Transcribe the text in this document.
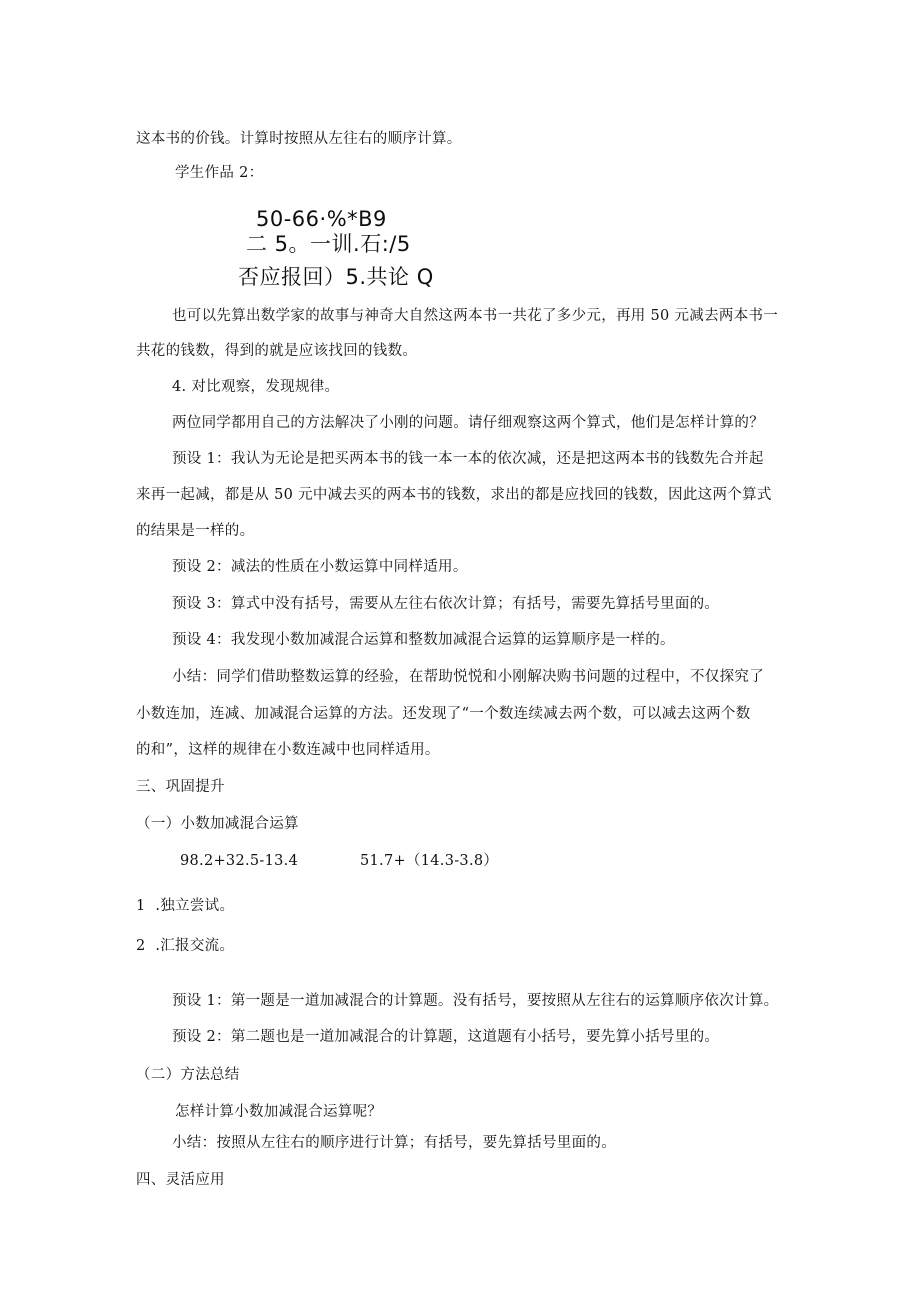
这本书的价钱。计算时按照从左往右的顺序计算。
学生作品 2：
50-66·%*B9
二 5。一训.石:/5
否应报回）5.共论 Q
也可以先算出数学家的故事与神奇大自然这两本书一共花了多少元，再用 50 元减去两本书一
共花的钱数，得到的就是应该找回的钱数。
4. 对比观察，发现规律。
两位同学都用自己的方法解决了小刚的问题。请仔细观察这两个算式，他们是怎样计算的？
预设 1：我认为无论是把买两本书的钱一本一本的依次减，还是把这两本书的钱数先合并起
来再一起减，都是从 50 元中减去买的两本书的钱数，求出的都是应找回的钱数，因此这两个算式
的结果是一样的。
预设 2：减法的性质在小数运算中同样适用。
预设 3：算式中没有括号，需要从左往右依次计算；有括号，需要先算括号里面的。
预设 4：我发现小数加减混合运算和整数加减混合运算的运算顺序是一样的。
小结：同学们借助整数运算的经验，在帮助悦悦和小刚解决购书问题的过程中，不仅探究了
小数连加，连减、加减混合运算的方法。还发现了“一个数连续减去两个数，可以减去这两个数
的和”，这样的规律在小数连减中也同样适用。
三、巩固提升
（一）小数加减混合运算
98.2+32.5-13.4	51.7+（14.3-3.8）
1  .独立尝试。
2  .汇报交流。
预设 1：第一题是一道加减混合的计算题。没有括号，要按照从左往右的运算顺序依次计算。
预设 2：第二题也是一道加减混合的计算题，这道题有小括号，要先算小括号里的。
（二）方法总结
怎样计算小数加减混合运算呢？
小结：按照从左往右的顺序进行计算；有括号，要先算括号里面的。
四、灵活应用
